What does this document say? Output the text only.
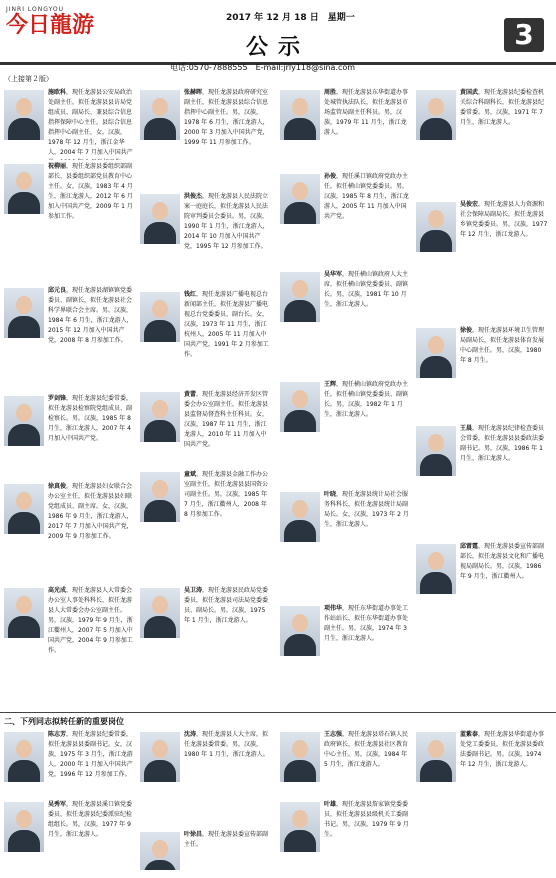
JINRI LONGYOU
今日龍游	2017 年 12 月 18 日　星期一
公示	3
电话:0570-7888555　E-mail:jrly118@sina.com
（上接第２版）
施欧科，现任龙游县公安局政治处副主任，拟任龙游县县访局党组成员、副局长、兼县综合信息指挥保障中心主任。县综合信息指挥中心副主任，女，汉族，1978 年 12 月生，浙江金华人，2004 年 7 月加入中国共产
祝柳丽，现任龙游县委组织部副部长、县委组织部党员教育中心主任。女，汉族，1983 年 4 月生，浙江龙游人，2012 年 6 月加入中国共产党，2009 年 1 月参加工作。
邱元良，现任龙游县湖镇镇党委委员、副镇长，拟任龙游县社会科学界联合会主席。男，汉族，1984 年 6 月生，浙江龙游人，2015 年 12 月加入中国共产党，2008 年 8 月参加工作。
罗剑锋，现任龙游县纪委常委，拟任龙游县检察院党组成员、副检察长。男，汉族，1985 年 8 月生，浙江龙游人，2007 年 4 月加入中国共产党。
徐真俊，现任龙游县妇女联合会办公室主任，拟任龙游县县妇联党组成员、副主席。女，汉族，1986 年 9 月生，浙江龙游人，2017 年 7 月加入中国共产党，2009 年 9 月参加工作。
高光成，现任龙游县人大常委会办公室人事处科科长，拟任龙游县人大常委会办公室副主任。男，汉族，1979 年 9 月生，浙江衢州人，2007 年 5 月加入中国共产党，2004 年 9 月参加工作。
张赫晖，现任龙游县政府研究室副主任，拟任龙游县县综合信息指挥中心副主任。男，汉族，1978 年 6 月生，浙江龙游人，2000 年 3 月加入中国共产党，1999 年 11 月参加工作。
洪俊杰，现任龙游县人民法院立案一庭庭长，拟任龙游县人民法院审判委员会委员。男，汉族，1990 年 1 月生，浙江龙游人，2014 年 10 月加入中国共产党，1995 年 12 月参加工作。
钱红，现任龙游县广播电视总台新闻部主任，拟任龙游县广播电视总台党委委员、副台长。女，汉族，1973 年 11 月生，浙江杭州人，2005 年 11 月加入中国共产党，1991 年 2 月参加工作。
黄蕾，现任龙游县经济开发区管委会办公室副主任，拟任龙游县县监督局督查科主任科员。女，汉族，1987 年 11 月生，浙江龙游人，2010 年 11 月加入中国共产党。
童斌，现任龙游县金融工作办公室副主任，拟任龙游县县国资公司副主任。男，汉族，1985 年 7 月生，浙江衢州人，2008 年 8 月参加工作。
吴卫涛，现任龙游县民政局党委委员，拟任龙游县司法局党委委员、副局长。男，汉族，1975 年 1 月生，浙江龙游人。
周胜，现任龙游县东华街道办事处城管执法队长，拟任龙游县市场监管局副主任科员。男，汉族，1979 年 11 月生，浙江龙游人。
孙俊，现任溪口镇政府党政办主任，拟任横山镇党委委员。男，汉族，1985 年 8 月生，浙江龙游人，2005 年 11 月加入中国共产党。
吴华军，现任横山镇政府人大主席，拟任横山镇党委委员、副镇长。男，汉族，1981 年 10 月生，浙江龙游人。
王辉，现任横山镇政府党政办主任，拟任横山镇党委委员、副镇长。男，汉族，1982 年 1 月生，浙江龙游人。
叶晓，现任龙游县统计局社会服务科科长，拟任龙游县统计局副局长。女，汉族，1973 年 2 月生，浙江龙游人。
项伟华，现任东华街道办事处工作站站长，拟任东华街道办事处副主任。男，汉族，1974 年 3 月生，浙江龙游人。
黄国武，现任龙游县纪委检查机关综合科副科长，拟任龙游县纪委常委。男，汉族，1971 年 7 月生，浙江龙游人。
吴俊宏，现任龙游县人力资源和社会保障局副局长，拟任龙游县乡镇党委委员。男，汉族，1977 年 12 月生，浙江龙游人。
徐俊，现任龙游县环境卫生管理局副局长，拟任龙游县体育发展中心副主任。男，汉族，1980 年 8 月生。
王晨，现任龙游县纪律检查委员会常委，拟任龙游县县委政法委副书记。男，汉族，1986 年 1 月生，浙江龙游人。
邱雷霆，现任龙游县委宣传部副部长，拟任龙游县文化和广播电视局副局长。男，汉族，1986 年 9 月生，浙江衢州人。
陈志芳，现任龙游县纪委常委，拟任龙游县县委副书记。女，汉族，1975 年 3 月生，浙江龙游人，2000 年 1 月加入中国共产党，1996 年 12 月参加工作。
吴秀军，现任龙游县溪口镇党委委员，拟任龙游县纪委派驻纪检组组长。男，汉族，1977 年 9 月生，浙江龙游人。
沈涛，现任龙游县人大主席，拟任龙游县委常委。男，汉族，1980 年 1 月生，浙江龙游人。
叶徐昌，现任龙游县委宣传部副主任。
王志强，现任龙游县塔石镇人民政府镇长，拟任龙游县社区教育中心主任。男，汉族，1984 年 5 月生，浙江龙游人。
叶雄，现任龙游县詹家镇党委委员，拟任龙游县县级机关工委副书记。男，汉族，1979 年 9 月生。
蓝紫泰，现任龙游县华街道办事处党工委委员，拟任龙游县委政法委副书记。男，汉族，1974 年 12 月生，浙江龙游人。
二、下列同志拟转任新的重要岗位
